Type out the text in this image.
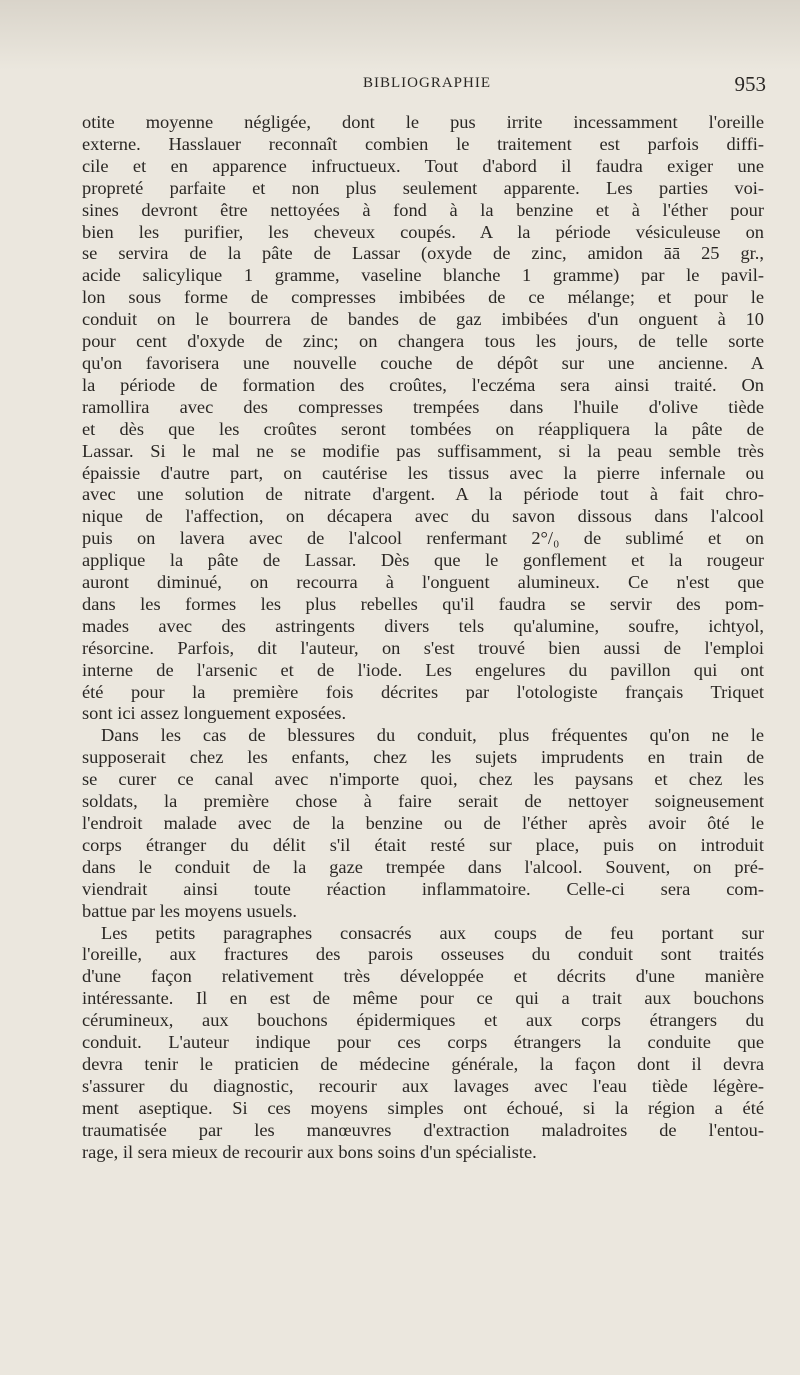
BIBLIOGRAPHIE	953
otite moyenne négligée, dont le pus irrite incessamment l'oreille
externe. Hasslauer reconnaît combien le traitement est parfois diffi-
cile et en apparence infructueux. Tout d'abord il faudra exiger une
propreté parfaite et non plus seulement apparente. Les parties voi-
sines devront être nettoyées à fond à la benzine et à l'éther pour
bien les purifier, les cheveux coupés. A la période vésiculeuse on
se servira de la pâte de Lassar (oxyde de zinc, amidon āā 25 gr.,
acide salicylique 1 gramme, vaseline blanche 1 gramme) par le pavil-
lon sous forme de compresses imbibées de ce mélange; et pour le
conduit on le bourrera de bandes de gaz imbibées d'un onguent à 10
pour cent d'oxyde de zinc; on changera tous les jours, de telle sorte
qu'on favorisera une nouvelle couche de dépôt sur une ancienne. A
la période de formation des croûtes, l'eczéma sera ainsi traité. On
ramollira avec des compresses trempées dans l'huile d'olive tiède
et dès que les croûtes seront tombées on réappliquera la pâte de
Lassar. Si le mal ne se modifie pas suffisamment, si la peau semble très
épaissie d'autre part, on cautérise les tissus avec la pierre infernale ou
avec une solution de nitrate d'argent. A la période tout à fait chro-
nique de l'affection, on décapera avec du savon dissous dans l'alcool
puis on lavera avec de l'alcool renfermant 2°/₀ de sublimé et on
applique la pâte de Lassar. Dès que le gonflement et la rougeur
auront diminué, on recourra à l'onguent alumineux. Ce n'est que
dans les formes les plus rebelles qu'il faudra se servir des pom-
mades avec des astringents divers tels qu'alumine, soufre, ichtyol,
résorcine. Parfois, dit l'auteur, on s'est trouvé bien aussi de l'emploi
interne de l'arsenic et de l'iode. Les engelures du pavillon qui ont
été pour la première fois décrites par l'otologiste français Triquet
sont ici assez longuement exposées.
Dans les cas de blessures du conduit, plus fréquentes qu'on ne le
supposerait chez les enfants, chez les sujets imprudents en train de
se curer ce canal avec n'importe quoi, chez les paysans et chez les
soldats, la première chose à faire serait de nettoyer soigneusement
l'endroit malade avec de la benzine ou de l'éther après avoir ôté le
corps étranger du délit s'il était resté sur place, puis on introduit
dans le conduit de la gaze trempée dans l'alcool. Souvent, on pré-
viendrait ainsi toute réaction inflammatoire. Celle-ci sera com-
battue par les moyens usuels.
Les petits paragraphes consacrés aux coups de feu portant sur
l'oreille, aux fractures des parois osseuses du conduit sont traités
d'une façon relativement très développée et décrits d'une manière
intéressante. Il en est de même pour ce qui a trait aux bouchons
cérumineux, aux bouchons épidermiques et aux corps étrangers du
conduit. L'auteur indique pour ces corps étrangers la conduite que
devra tenir le praticien de médecine générale, la façon dont il devra
s'assurer du diagnostic, recourir aux lavages avec l'eau tiède légère-
ment aseptique. Si ces moyens simples ont échoué, si la région a été
traumatisée par les manœuvres d'extraction maladroites de l'entou-
rage, il sera mieux de recourir aux bons soins d'un spécialiste.
